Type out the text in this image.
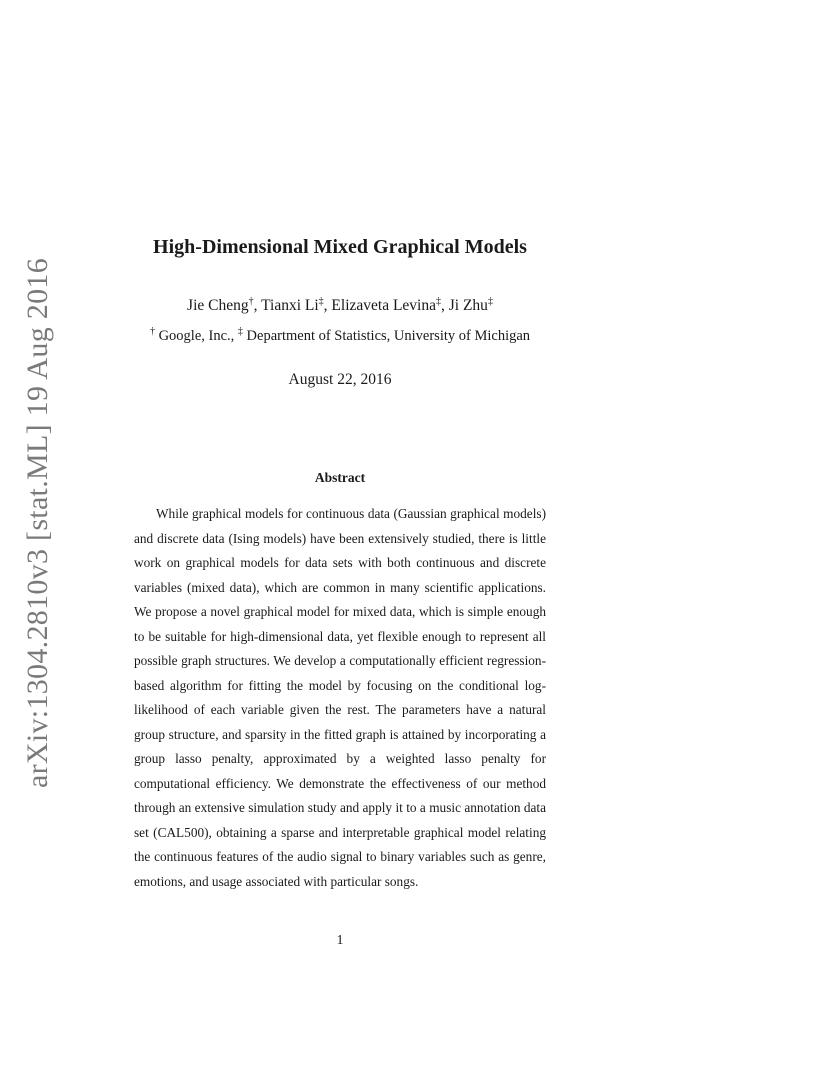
arXiv:1304.2810v3 [stat.ML] 19 Aug 2016
High-Dimensional Mixed Graphical Models
Jie Cheng†, Tianxi Li‡, Elizaveta Levina‡, Ji Zhu‡
† Google, Inc., ‡ Department of Statistics, University of Michigan
August 22, 2016
Abstract

While graphical models for continuous data (Gaussian graphical models) and discrete data (Ising models) have been extensively studied, there is little work on graphical models for data sets with both continuous and discrete variables (mixed data), which are common in many scientific applications. We propose a novel graphical model for mixed data, which is simple enough to be suitable for high-dimensional data, yet flexible enough to represent all possible graph structures. We develop a computationally efficient regression-based algorithm for fitting the model by focusing on the conditional log-likelihood of each variable given the rest. The parameters have a natural group structure, and sparsity in the fitted graph is attained by incorporating a group lasso penalty, approximated by a weighted lasso penalty for computational efficiency. We demonstrate the effectiveness of our method through an extensive simulation study and apply it to a music annotation data set (CAL500), obtaining a sparse and interpretable graphical model relating the continuous features of the audio signal to binary variables such as genre, emotions, and usage associated with particular songs.

1
